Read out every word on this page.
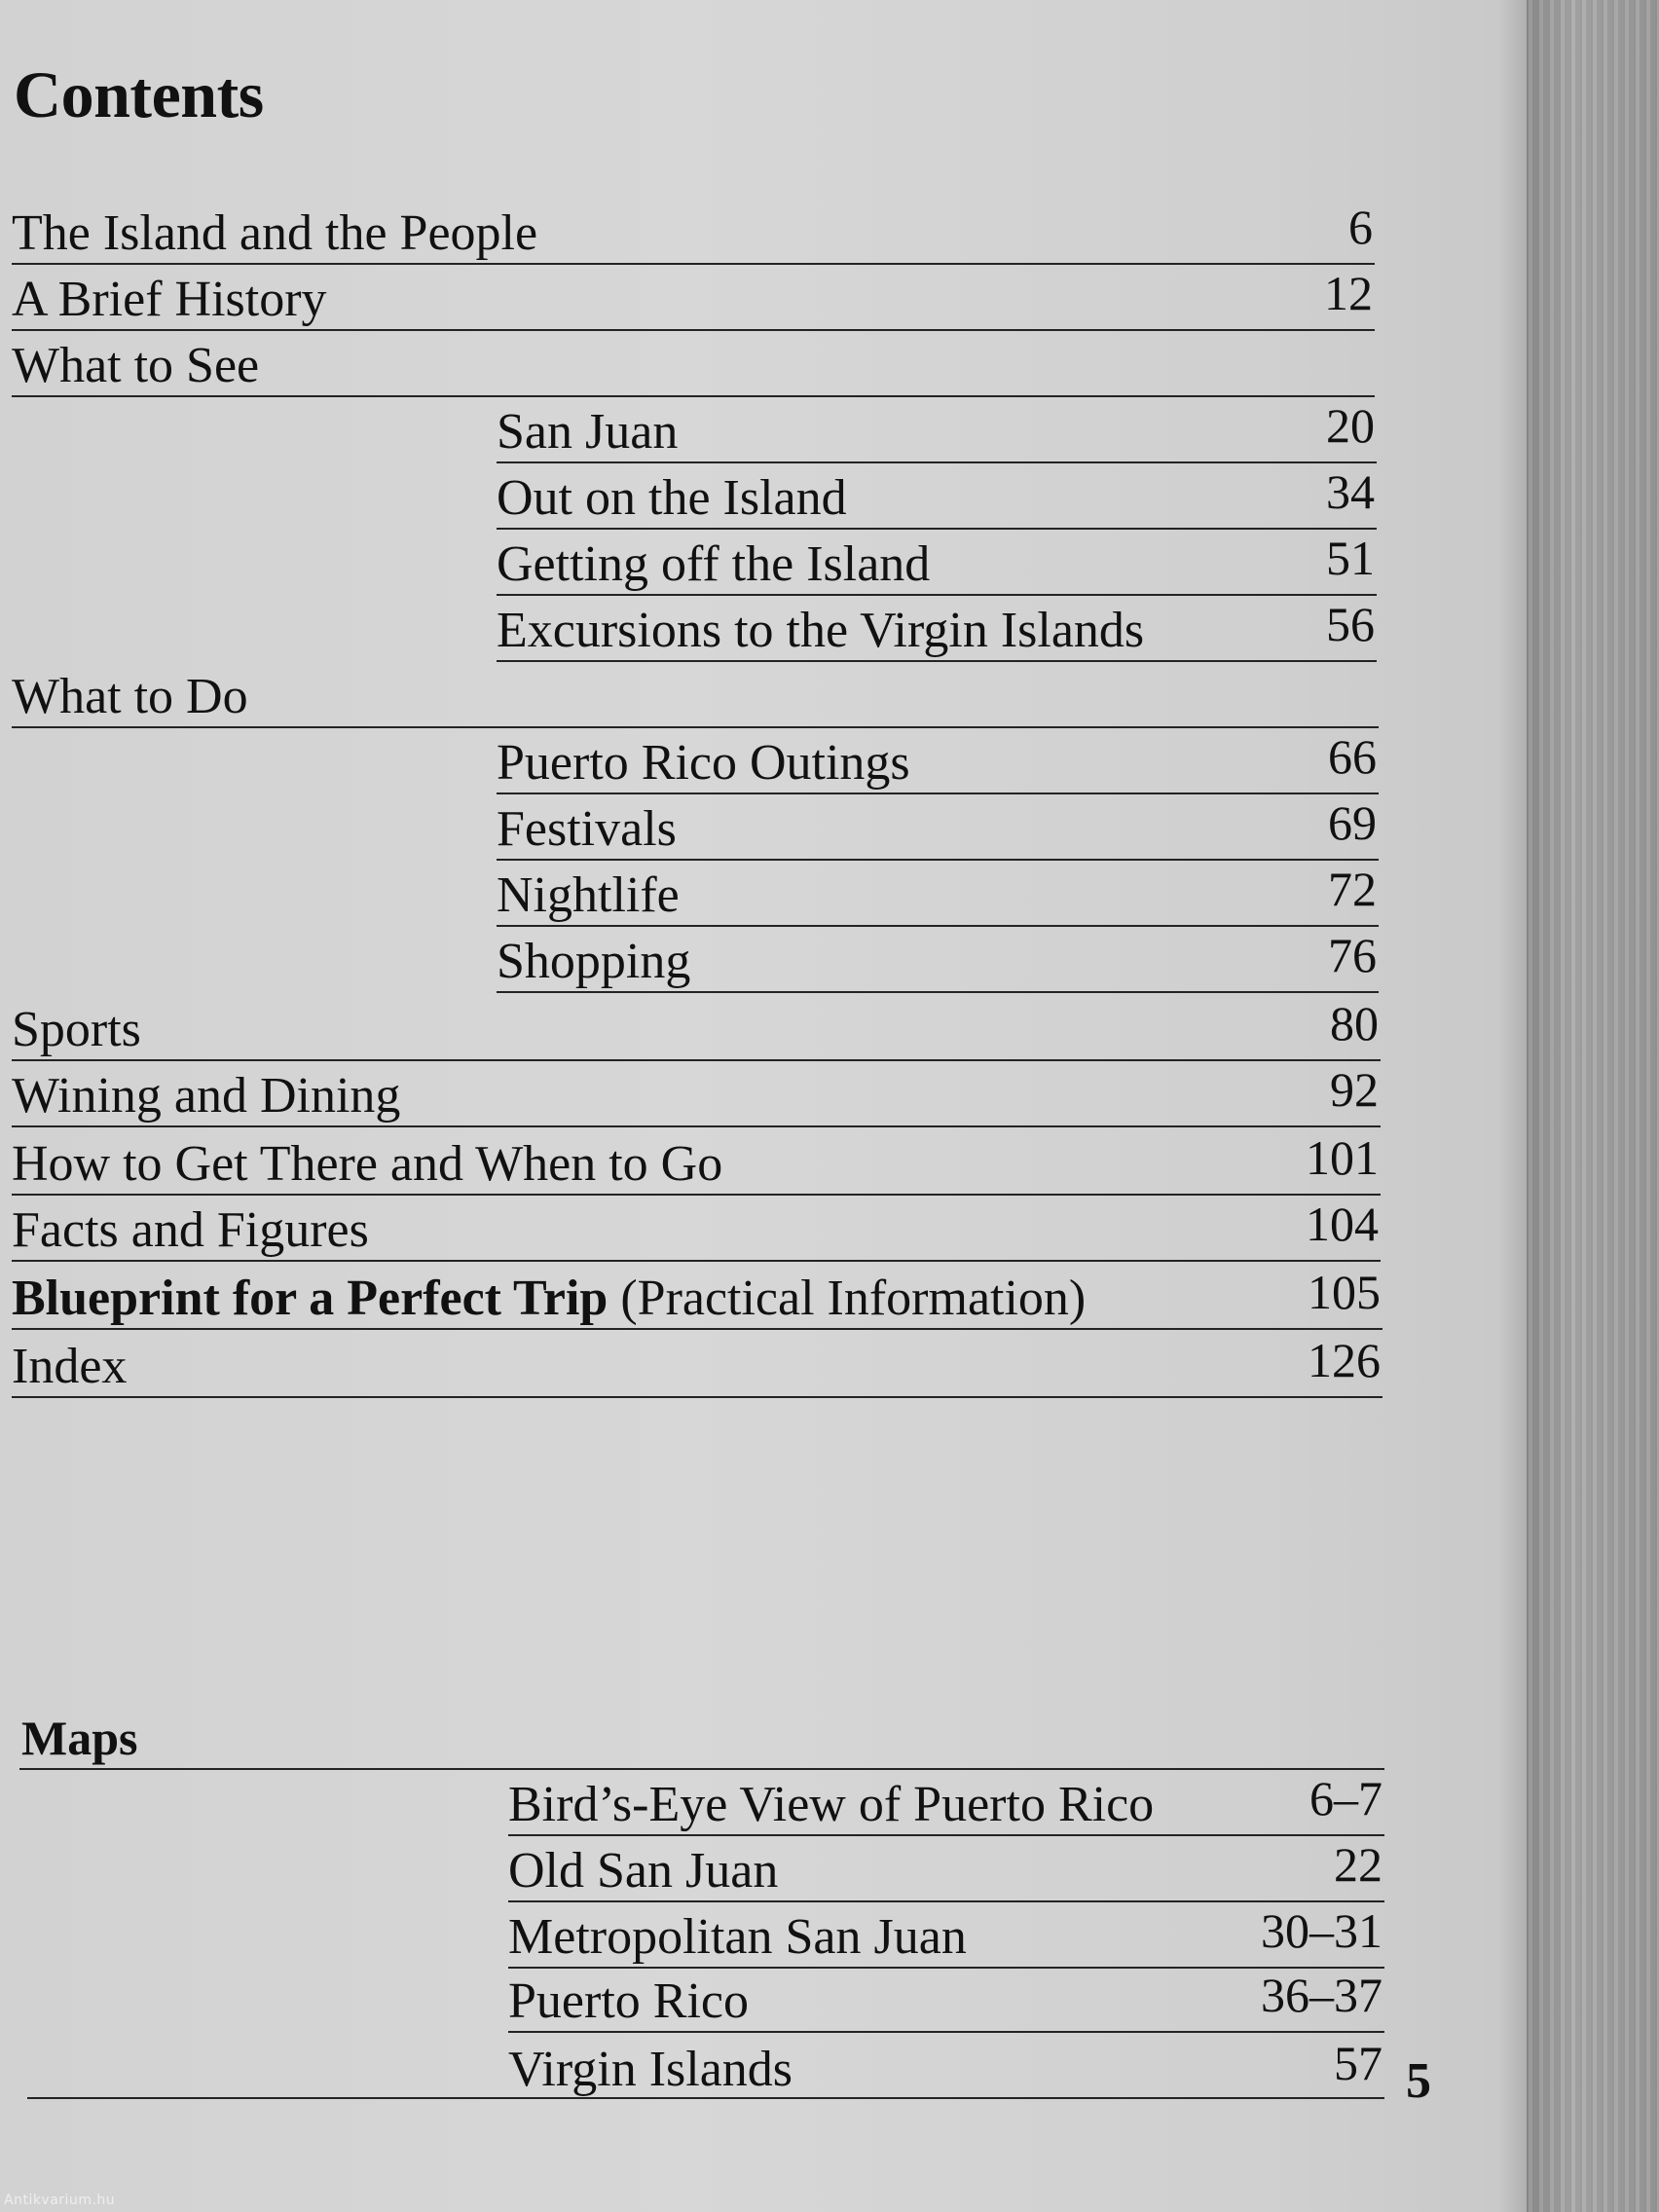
Contents
The Island and the People	6
A Brief History	12
What to See
San Juan	20
Out on the Island	34
Getting off the Island	51
Excursions to the Virgin Islands	56
What to Do
Puerto Rico Outings	66
Festivals	69
Nightlife	72
Shopping	76
Sports	80
Wining and Dining	92
How to Get There and When to Go	101
Facts and Figures	104
Blueprint for a Perfect Trip (Practical Information)	105
Index	126
Maps
Bird’s-Eye View of Puerto Rico	6–7
Old San Juan	22
Metropolitan San Juan	30–31
Puerto Rico	36–37
Virgin Islands	57 5
Antikvarium.hu
